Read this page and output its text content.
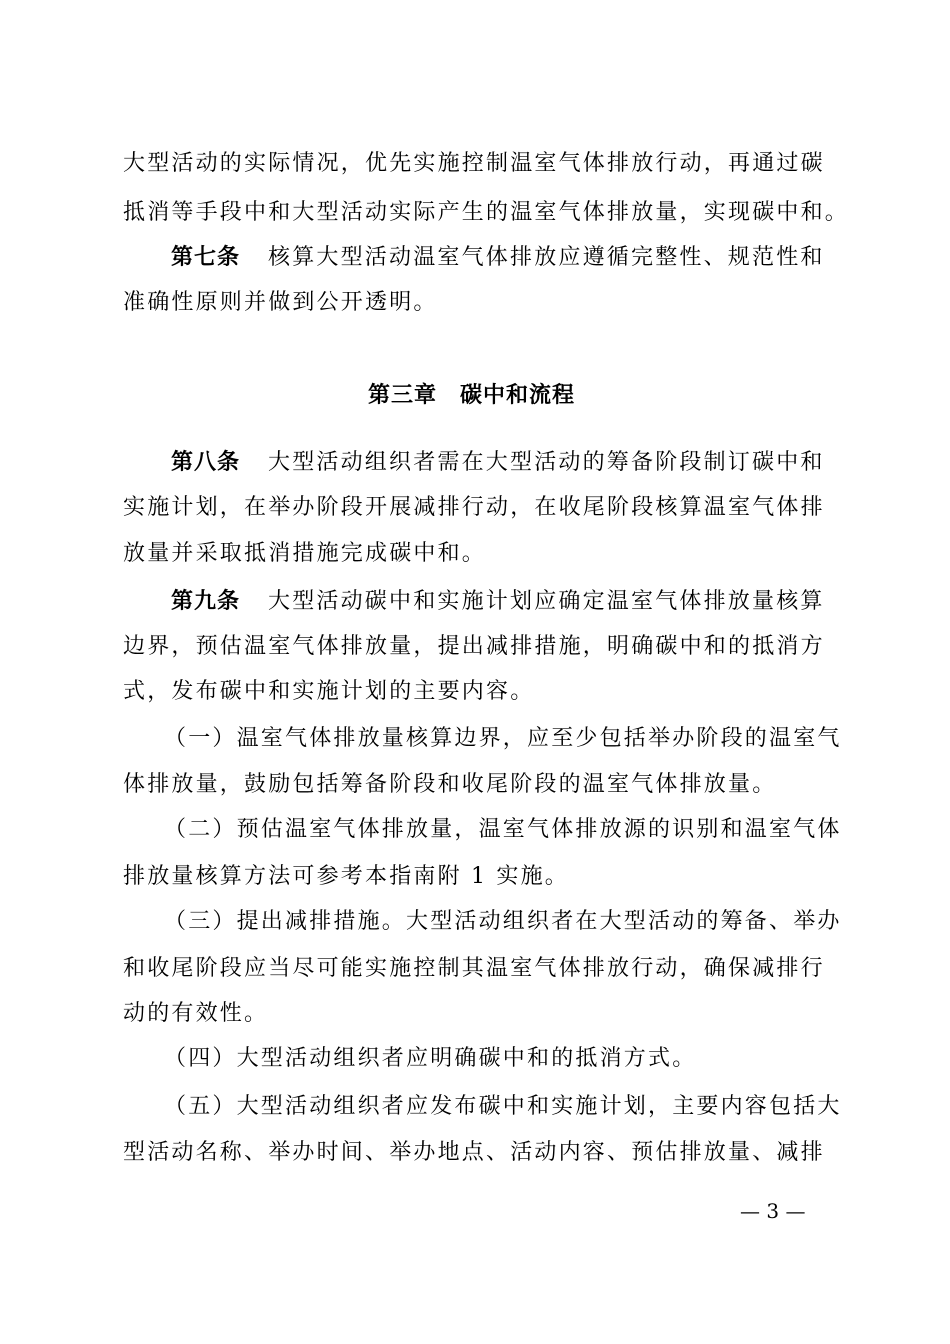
大型活动的实际情况，优先实施控制温室气体排放行动，再通过碳
抵消等手段中和大型活动实际产生的温室气体排放量，实现碳中和。
第七条 核算大型活动温室气体排放应遵循完整性、规范性和
准确性原则并做到公开透明。
第三章　碳中和流程
第八条 大型活动组织者需在大型活动的筹备阶段制订碳中和
实施计划，在举办阶段开展减排行动，在收尾阶段核算温室气体排
放量并采取抵消措施完成碳中和。
第九条 大型活动碳中和实施计划应确定温室气体排放量核算
边界，预估温室气体排放量，提出减排措施，明确碳中和的抵消方
式，发布碳中和实施计划的主要内容。
（一）温室气体排放量核算边界，应至少包括举办阶段的温室气
体排放量，鼓励包括筹备阶段和收尾阶段的温室气体排放量。
（二）预估温室气体排放量，温室气体排放源的识别和温室气体
排放量核算方法可参考本指南附 1 实施。
（三）提出减排措施。大型活动组织者在大型活动的筹备、举办
和收尾阶段应当尽可能实施控制其温室气体排放行动，确保减排行
动的有效性。
（四）大型活动组织者应明确碳中和的抵消方式。
（五）大型活动组织者应发布碳中和实施计划，主要内容包括大
型活动名称、举办时间、举办地点、活动内容、预估排放量、减排
— 3 —
